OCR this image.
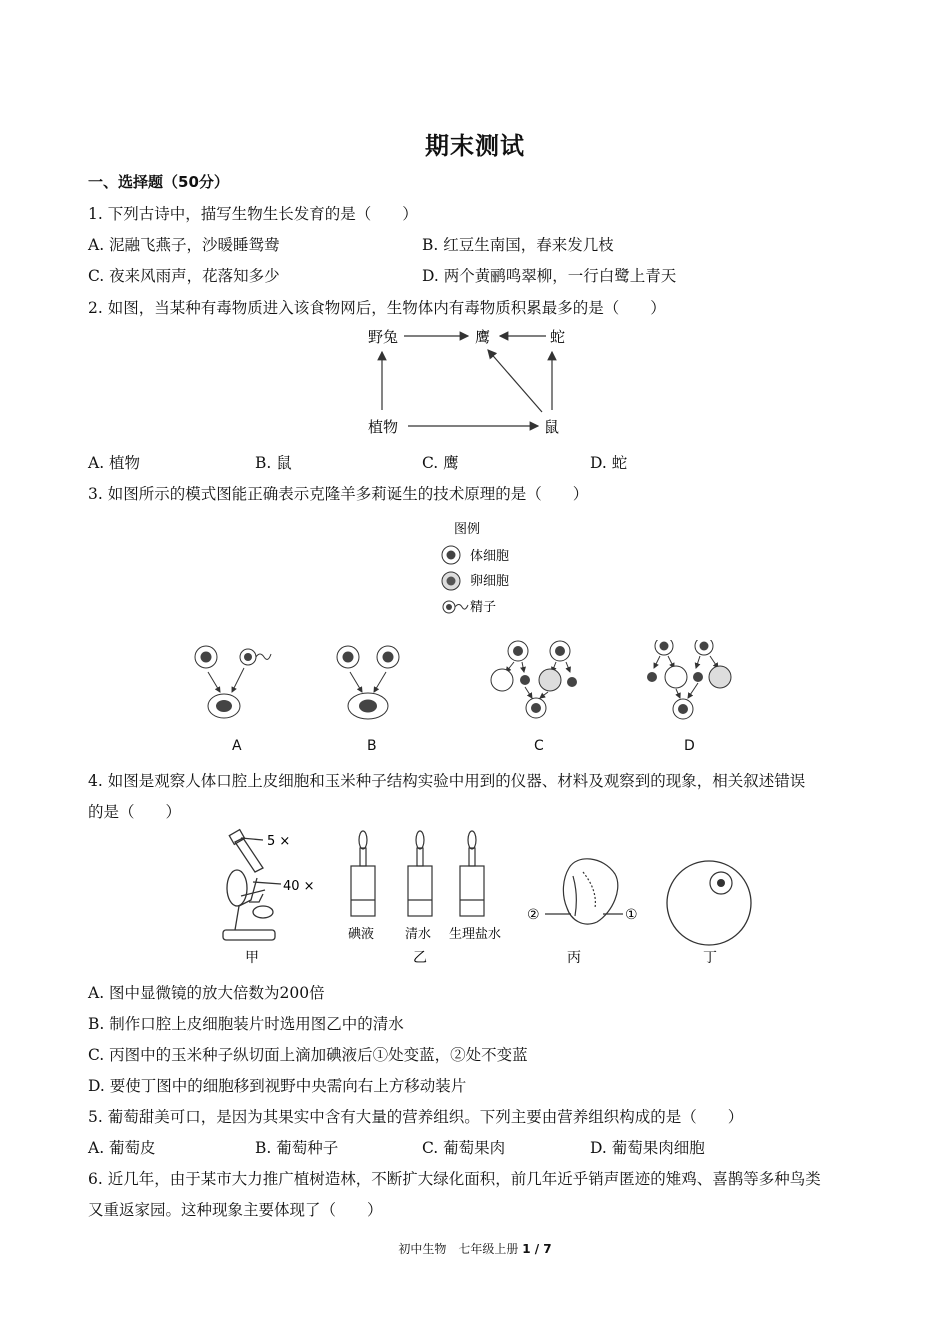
期末测试
一、选择题（50分）
1. 下列古诗中，描写生物生长发育的是（　　）
A. 泥融飞燕子，沙暖睡鸳鸯	B. 红豆生南国，春来发几枝
C. 夜来风雨声，花落知多少	D. 两个黄鹂鸣翠柳，一行白鹭上青天
2. 如图，当某种有毒物质进入该食物网后，生物体内有毒物质积累最多的是（　　）
野兔	鹰	蛇
植物	鼠
A. 植物	B. 鼠	C. 鹰	D. 蛇
3. 如图所示的模式图能正确表示克隆羊多莉诞生的技术原理的是（　　）
图例
体细胞
卵细胞
精子
A	B	C	D
4. 如图是观察人体口腔上皮细胞和玉米种子结构实验中用到的仪器、材料及观察到的现象，相关叙述错误
的是（　　）
5 ×
40 ×
碘液 清水 生理盐水
②	①
甲	乙	丙	丁
A. 图中显微镜的放大倍数为200倍
B. 制作口腔上皮细胞装片时选用图乙中的清水
C. 丙图中的玉米种子纵切面上滴加碘液后①处变蓝，②处不变蓝
D. 要使丁图中的细胞移到视野中央需向右上方移动装片
5. 葡萄甜美可口，是因为其果实中含有大量的营养组织。下列主要由营养组织构成的是（　　）
A. 葡萄皮	B. 葡萄种子	C. 葡萄果肉	D. 葡萄果肉细胞
6. 近几年，由于某市大力推广植树造林，不断扩大绿化面积，前几年近乎销声匿迹的雉鸡、喜鹊等多种鸟类
又重返家园。这种现象主要体现了（　　）
初中生物　七年级上册 1 / 7
